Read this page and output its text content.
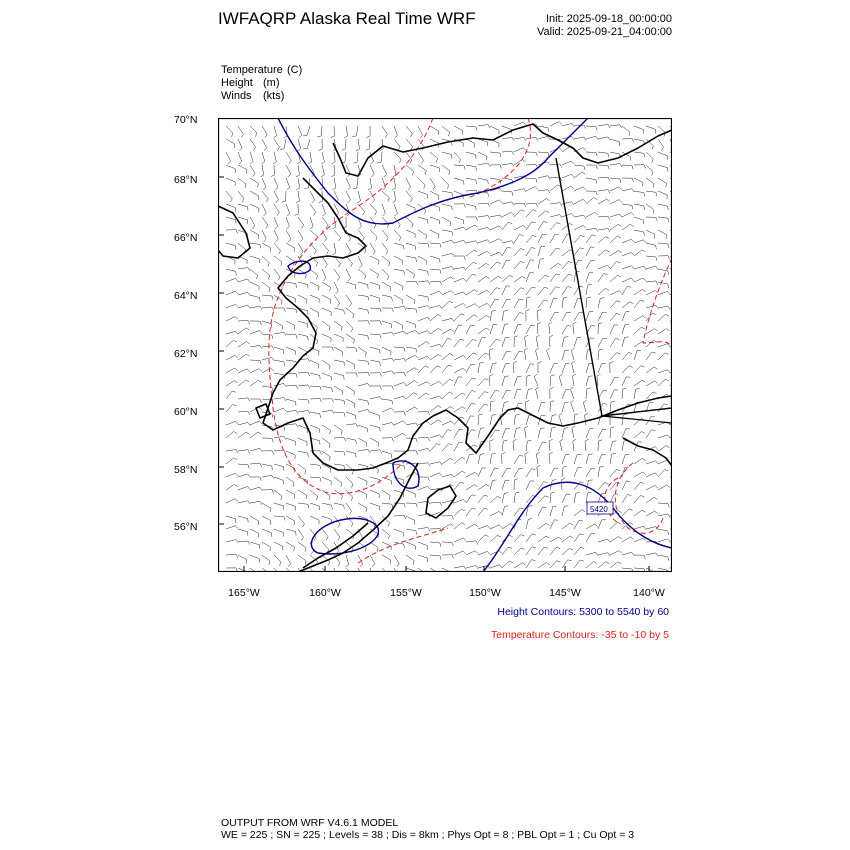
IWFAQRP Alaska Real Time WRF	Init: 2025-09-18_00:00:00
Valid: 2025-09-21_04:00:00
Temperature (C)
Height (m)
Winds (kts)
70°N
68°N
66°N
64°N
62°N
60°N
58°N
56°N
165°W	160°W	155°W	150°W	145°W	140°W
5420
Height Contours: 5300 to 5540 by 60
Temperature Contours: -35 to -10 by 5
OUTPUT FROM WRF V4.6.1 MODEL
WE = 225 ; SN = 225 ; Levels = 38 ; Dis = 8km ; Phys Opt = 8 ; PBL Opt = 1 ; Cu Opt = 3
